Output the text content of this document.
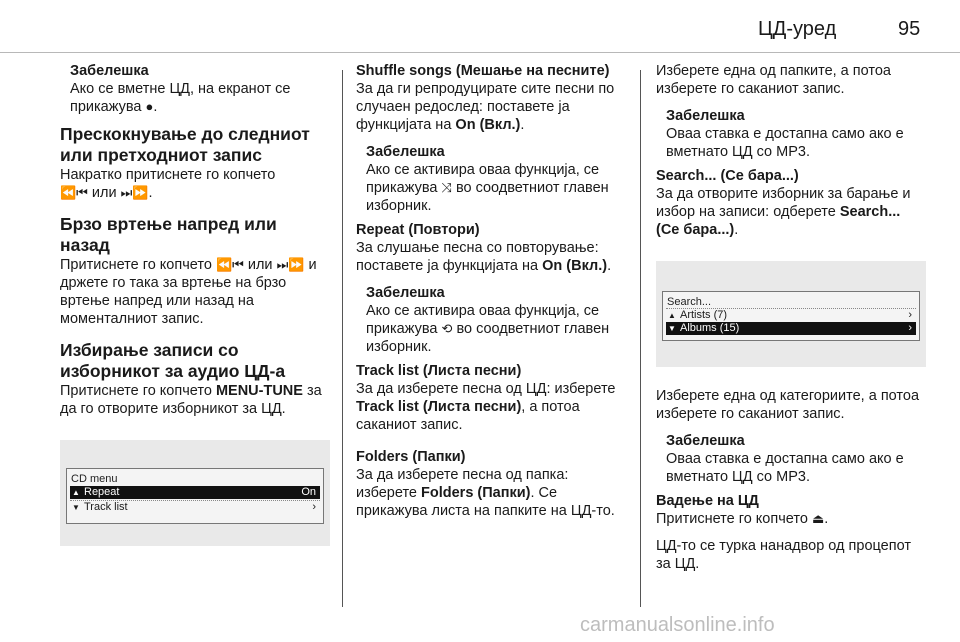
ЦД-уред	95
Забелешка
Ако се вметне ЦД, на екранот се прикажува ●.
Прескокнување до следниот или претходниот запис

Накратко притиснете го копчето
⏪⏮ или ⏭⏩.

Брзо вртење напред или назад

Притиснете го копчето ⏪⏮ или ⏭⏩ и држете го така за вртење на брзо вртење напред или назад на моменталниот запис.

Избирање записи со изборникот за аудио ЦД-а

Притиснете го копчето MENU-TUNE за да го отворите изборникот за ЦД.

CD menu
▲ Repeat	On
▼ Track list	›

Shuffle songs (Мешање на песните)

За да ги репродуцирате сите песни по случаен редослед: поставете ја функцијата на On (Вкл.).

Забелешка
Ако се активира оваа функција, се прикажува ⤨ во соодветниот главен изборник.

Repeat (Повтори)

За слушање песна со повторување: поставете ја функцијата на On (Вкл.).

Забелешка
Ако се активира оваа функција, се прикажува ⟲ во соодветниот главен изборник.

Track list (Листа песни)

За да изберете песна од ЦД: изберете Track list (Листа песни), а потоа саканиот запис.

Folders (Папки)

За да изберете песна од папка: изберете Folders (Папки). Се прикажува листа на папките на ЦД-то.

Изберете една од папките, а потоа изберете го саканиот запис.

Забелешка
Оваа ставка е достапна само ако е вметнато ЦД со MP3.

Search... (Се бара...)

За да отворите изборник за барање и избор на записи: одберете Search... (Се бара...).

Search...
▲ Artists (7)	›
▼ Albums (15)	›

Изберете една од категориите, а потоа изберете го саканиот запис.

Забелешка
Оваа ставка е достапна само ако е вметнато ЦД со MP3.

Вадење на ЦД

Притиснете го копчето ⏏.

ЦД-то се турка нанадвор од процепот за ЦД.

carmanualsonline.info
